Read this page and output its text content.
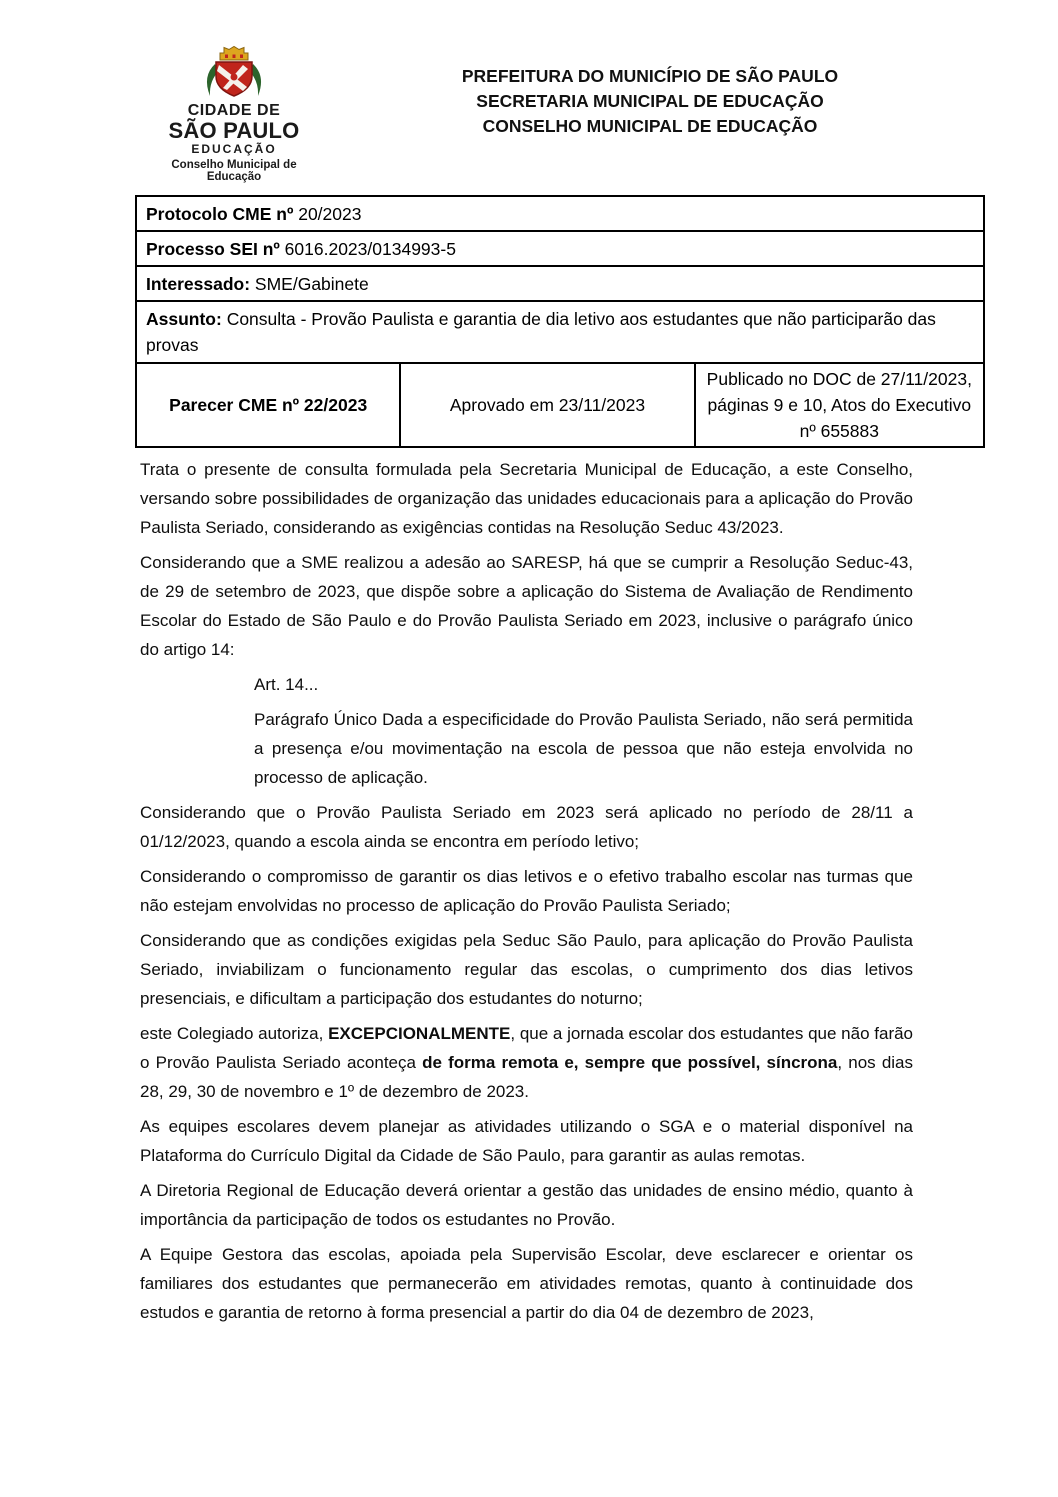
CIDADE DE
SÃO PAULO
EDUCAÇÃO
Conselho Municipal de Educação
PREFEITURA DO MUNICÍPIO DE SÃO PAULO
SECRETARIA MUNICIPAL DE EDUCAÇÃO
CONSELHO MUNICIPAL DE EDUCAÇÃO
Protocolo CME nº 20/2023
Processo SEI nº 6016.2023/0134993-5
Interessado: SME/Gabinete
Assunto: Consulta - Provão Paulista e garantia de dia letivo aos estudantes que não participarão das provas
Parecer CME nº 22/2023	Aprovado em 23/11/2023	Publicado no DOC de 27/11/2023, páginas 9 e 10, Atos do Executivo nº 655883

Trata o presente de consulta formulada pela Secretaria Municipal de Educação, a este Conselho, versando sobre possibilidades de organização das unidades educacionais para a aplicação do Provão Paulista Seriado, considerando as exigências contidas na Resolução Seduc 43/2023.

Considerando que a SME realizou a adesão ao SARESP, há que se cumprir a Resolução Seduc-43, de 29 de setembro de 2023, que dispõe sobre a aplicação do Sistema de Avaliação de Rendimento Escolar do Estado de São Paulo e do Provão Paulista Seriado em 2023, inclusive o parágrafo único do artigo 14:

Art. 14...

Parágrafo Único Dada a especificidade do Provão Paulista Seriado, não será permitida a presença e/ou movimentação na escola de pessoa que não esteja envolvida no processo de aplicação.

Considerando que o Provão Paulista Seriado em 2023 será aplicado no período de 28/11 a 01/12/2023, quando a escola ainda se encontra em período letivo;

Considerando o compromisso de garantir os dias letivos e o efetivo trabalho escolar nas turmas que não estejam envolvidas no processo de aplicação do Provão Paulista Seriado;

Considerando que as condições exigidas pela Seduc São Paulo, para aplicação do Provão Paulista Seriado, inviabilizam o funcionamento regular das escolas, o cumprimento dos dias letivos presenciais, e dificultam a participação dos estudantes do noturno;

este Colegiado autoriza, EXCEPCIONALMENTE, que a jornada escolar dos estudantes que não farão o Provão Paulista Seriado aconteça de forma remota e, sempre que possível, síncrona, nos dias 28, 29, 30 de novembro e 1º de dezembro de 2023.

As equipes escolares devem planejar as atividades utilizando o SGA e o material disponível na Plataforma do Currículo Digital da Cidade de São Paulo, para garantir as aulas remotas.

A Diretoria Regional de Educação deverá orientar a gestão das unidades de ensino médio, quanto à importância da participação de todos os estudantes no Provão.

A Equipe Gestora das escolas, apoiada pela Supervisão Escolar, deve esclarecer e orientar os familiares dos estudantes que permanecerão em atividades remotas, quanto à continuidade dos estudos e garantia de retorno à forma presencial a partir do dia 04 de dezembro de 2023,
